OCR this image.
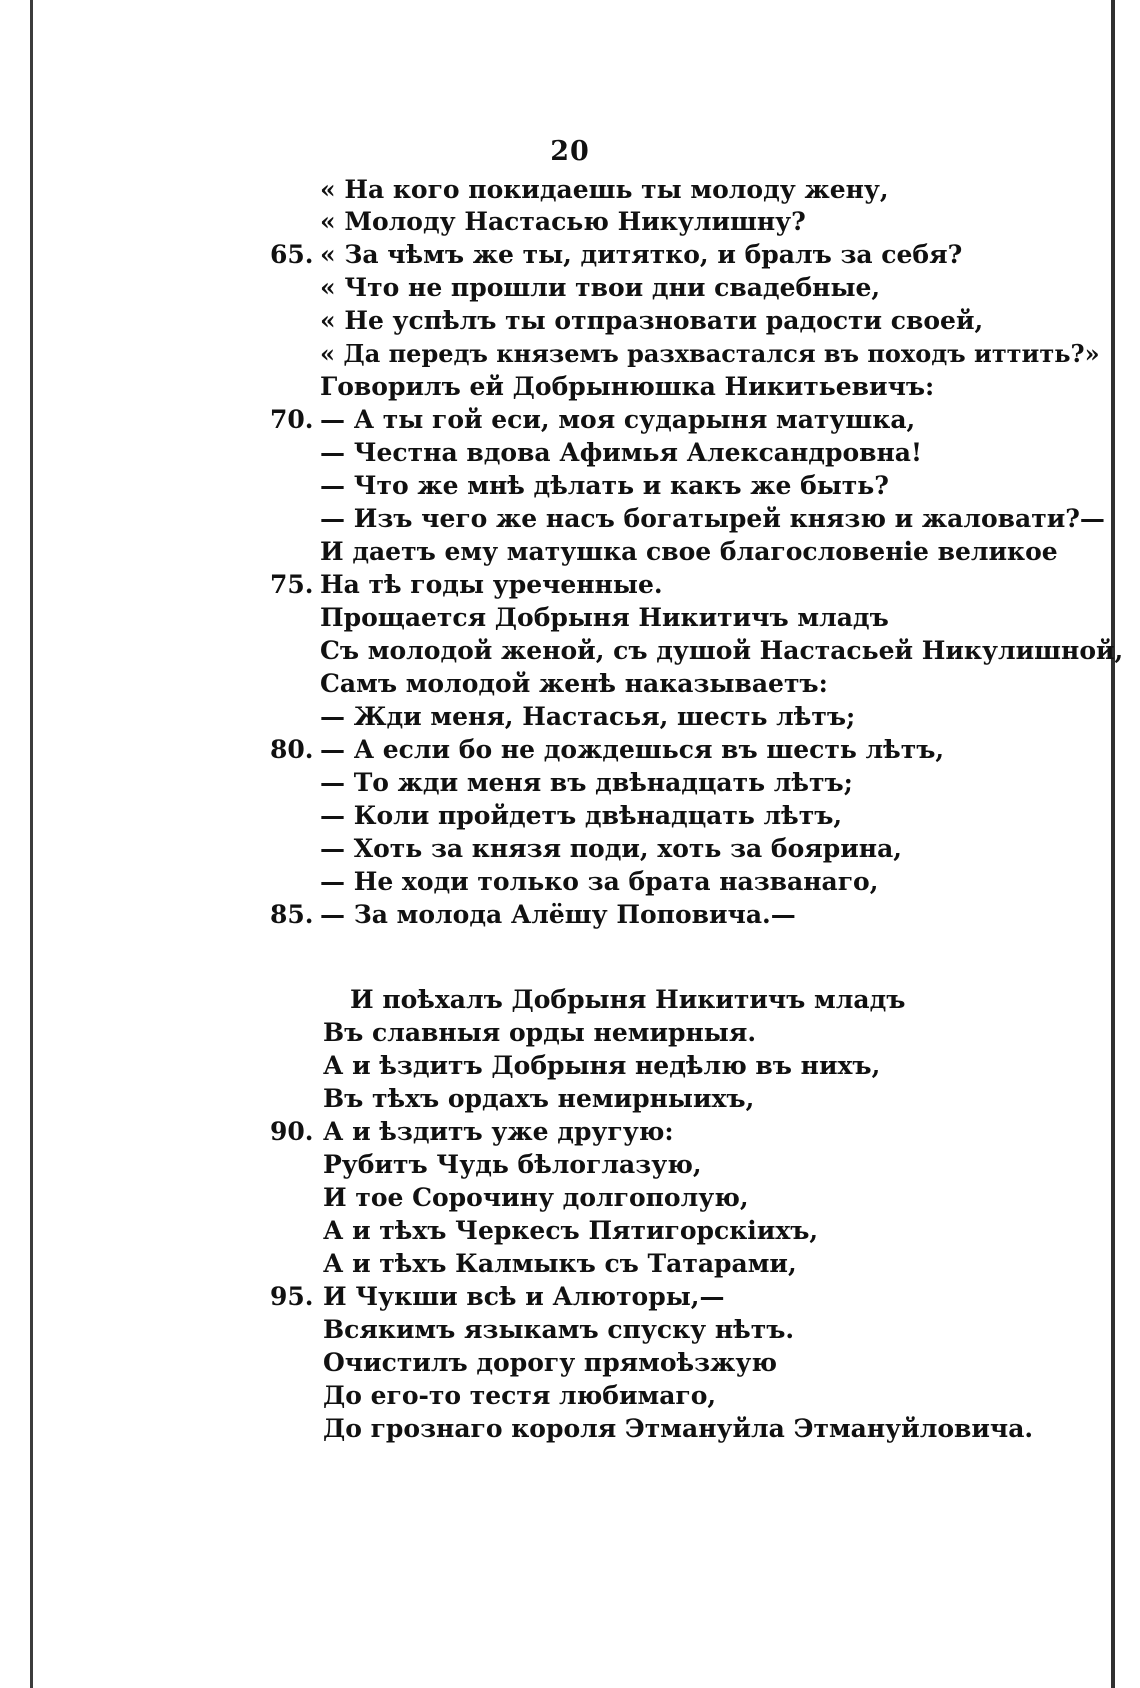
20
« На кого покидаешь ты молоду жену,
« Молоду Настасью Никулишну?
65. « За чѣмъ же ты, дитятко, и бралъ за себя?
« Что не прошли твои дни свадебные,
« Не успѣлъ ты отпразновати радости своей,
« Да передъ княземъ разхвастался въ походъ иттить?»
Говорилъ ей Добрынюшка Никитьевичъ:
70. — А ты гой еси, моя сударыня матушка,
— Честна вдова Афимья Александровна!
— Что же мнѣ дѣлать и какъ же быть?
— Изъ чего же насъ богатырей князю и жаловати?—
И даетъ ему матушка свое благословеніе великое
75. На тѣ годы уреченные.
Прощается Добрыня Никитичъ младъ
Съ молодой женой, съ душой Настасьей Никулишной,
Самъ молодой женѣ наказываетъ:
— Жди меня, Настасья, шесть лѣтъ;
80. — А если бо не дождешься въ шесть лѣтъ,
— То жди меня въ двѣнадцать лѣтъ;
— Коли пройдетъ двѣнадцать лѣтъ,
— Хоть за князя поди, хоть за боярина,
— Не ходи только за брата названаго,
85. — За молода Алёшу Поповича.—
И поѣхалъ Добрыня Никитичъ младъ
Въ славныя орды немирныя.
А и ѣздитъ Добрыня недѣлю въ нихъ,
Въ тѣхъ ордахъ немирныихъ,
90. А и ѣздитъ уже другую:
Рубитъ Чудь бѣлоглазую,
И тое Сорочину долгополую,
А и тѣхъ Черкесъ Пятигорскіихъ,
А и тѣхъ Калмыкъ съ Татарами,
95. И Чукши всѣ и Алюторы,—
Всякимъ языкамъ спуску нѣтъ.
Очистилъ дорогу прямоѣзжую
До его-то тестя любимаго,
До грознаго короля Этмануйла Этмануйловича.
